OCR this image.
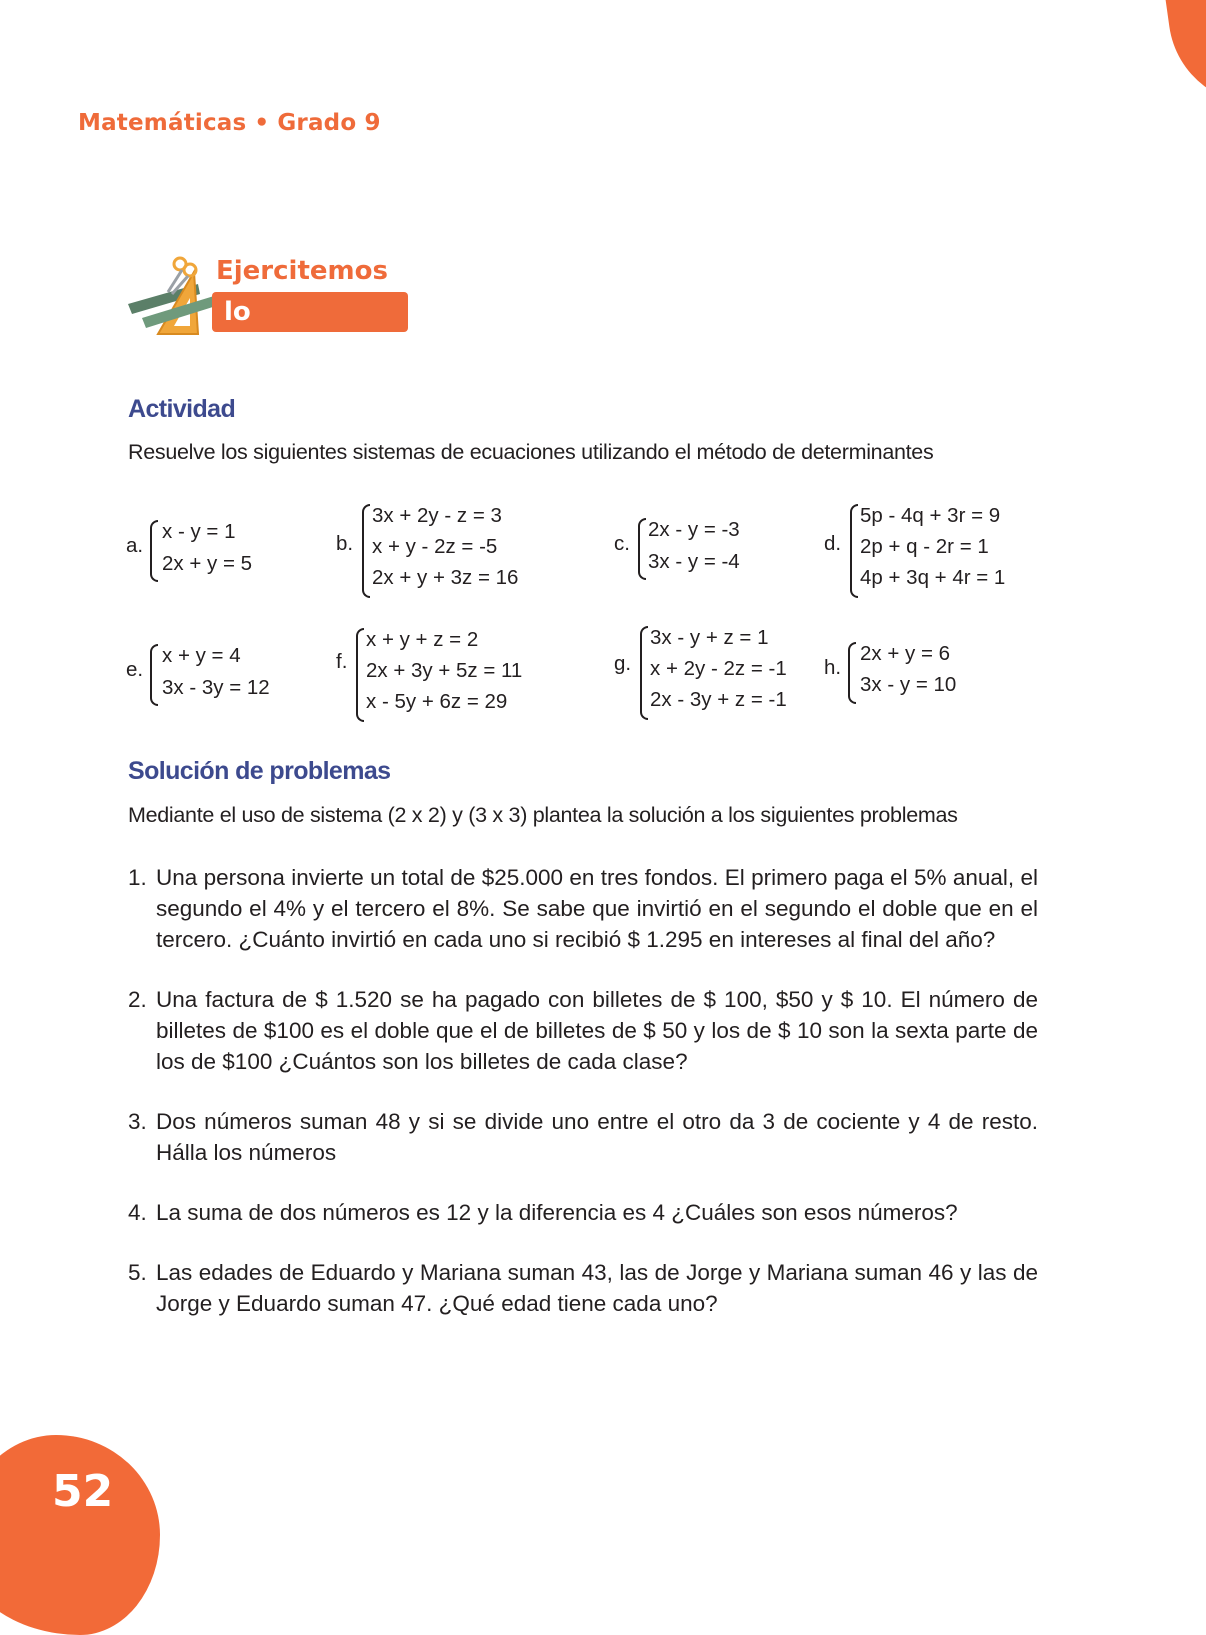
Matemáticas • Grado 9
Ejercitemos
lo aprendido
Actividad
Resuelve los siguientes sistemas de ecuaciones utilizando el método de determinantes
a.
x - y = 1
2x + y = 5
b.
3x + 2y - z = 3
x + y - 2z = -5
2x + y + 3z = 16
c.
2x - y = -3
3x - y = -4
d.
5p - 4q + 3r = 9
2p + q - 2r = 1
4p + 3q + 4r = 1
e.
x + y = 4
3x - 3y = 12
f.
x + y + z = 2
2x + 3y + 5z = 11
x - 5y + 6z = 29
g.
3x - y + z = 1
x + 2y - 2z = -1
2x - 3y + z = -1
h.
2x + y = 6
3x - y = 10
Solución de problemas
Mediante el uso de sistema (2 x 2) y (3 x 3) plantea la solución a los siguientes problemas
1. Una persona invierte un total de $25.000 en tres fondos. El primero paga el 5% anual, el segundo el 4% y el tercero el 8%. Se sabe que invirtió en el segundo el doble que en el tercero. ¿Cuánto invirtió en cada uno si recibió $ 1.295 en intereses al final del año?
2. Una factura de $ 1.520 se ha pagado con billetes de $ 100, $50 y $ 10. El número de billetes de $100 es el doble que el de billetes de $ 50 y los de $ 10 son la sexta parte de los de $100 ¿Cuántos son los billetes de cada clase?
3. Dos números suman 48 y si se divide uno entre el otro da 3 de cociente y 4 de resto. Hálla los números
4. La suma de dos números es 12 y la diferencia es 4 ¿Cuáles son esos números?
5. Las edades de Eduardo y Mariana suman 43, las de Jorge y Mariana suman 46 y las de Jorge y Eduardo suman 47. ¿Qué edad tiene cada uno?
52
